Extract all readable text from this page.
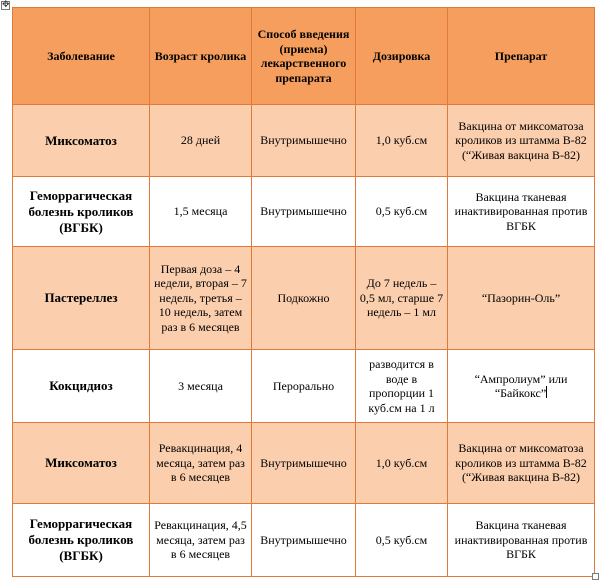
✥
Заболевание	Возраст кролика	Способ введения (приема) лекарственного препарата	Дозировка	Препарат
Миксоматоз	28 дней	Внутримышечно	1,0 куб.см	Вакцина от миксоматоза кроликов из штамма В-82 (“Живая вакцина В-82)
Геморрагическая болезнь кроликов (ВГБК)	1,5 месяца	Внутримышечно	0,5 куб.см	Вакцина тканевая инактивированная против ВГБК
Пастереллез	Первая доза – 4 недели, вторая – 7 недель, третья – 10 недель, затем раз в 6 месяцев	Подкожно	До 7 недель – 0,5 мл, старше 7 недель – 1 мл	“Пазорин-Оль”
Кокцидиоз	3 месяца	Перорально	разводится в воде в пропорции 1 куб.см на 1 л	“Ампролиум” или “Байкокс”
Миксоматоз	Ревакцинация, 4 месяца, затем раз в 6 месяцев	Внутримышечно	1,0 куб.см	Вакцина от миксоматоза кроликов из штамма В-82 (“Живая вакцина В-82)
Геморрагическая болезнь кроликов (ВГБК)	Ревакцинация, 4,5 месяца, затем раз в 6 месяцев	Внутримышечно	0,5 куб.см	Вакцина тканевая инактивированная против ВГБК
